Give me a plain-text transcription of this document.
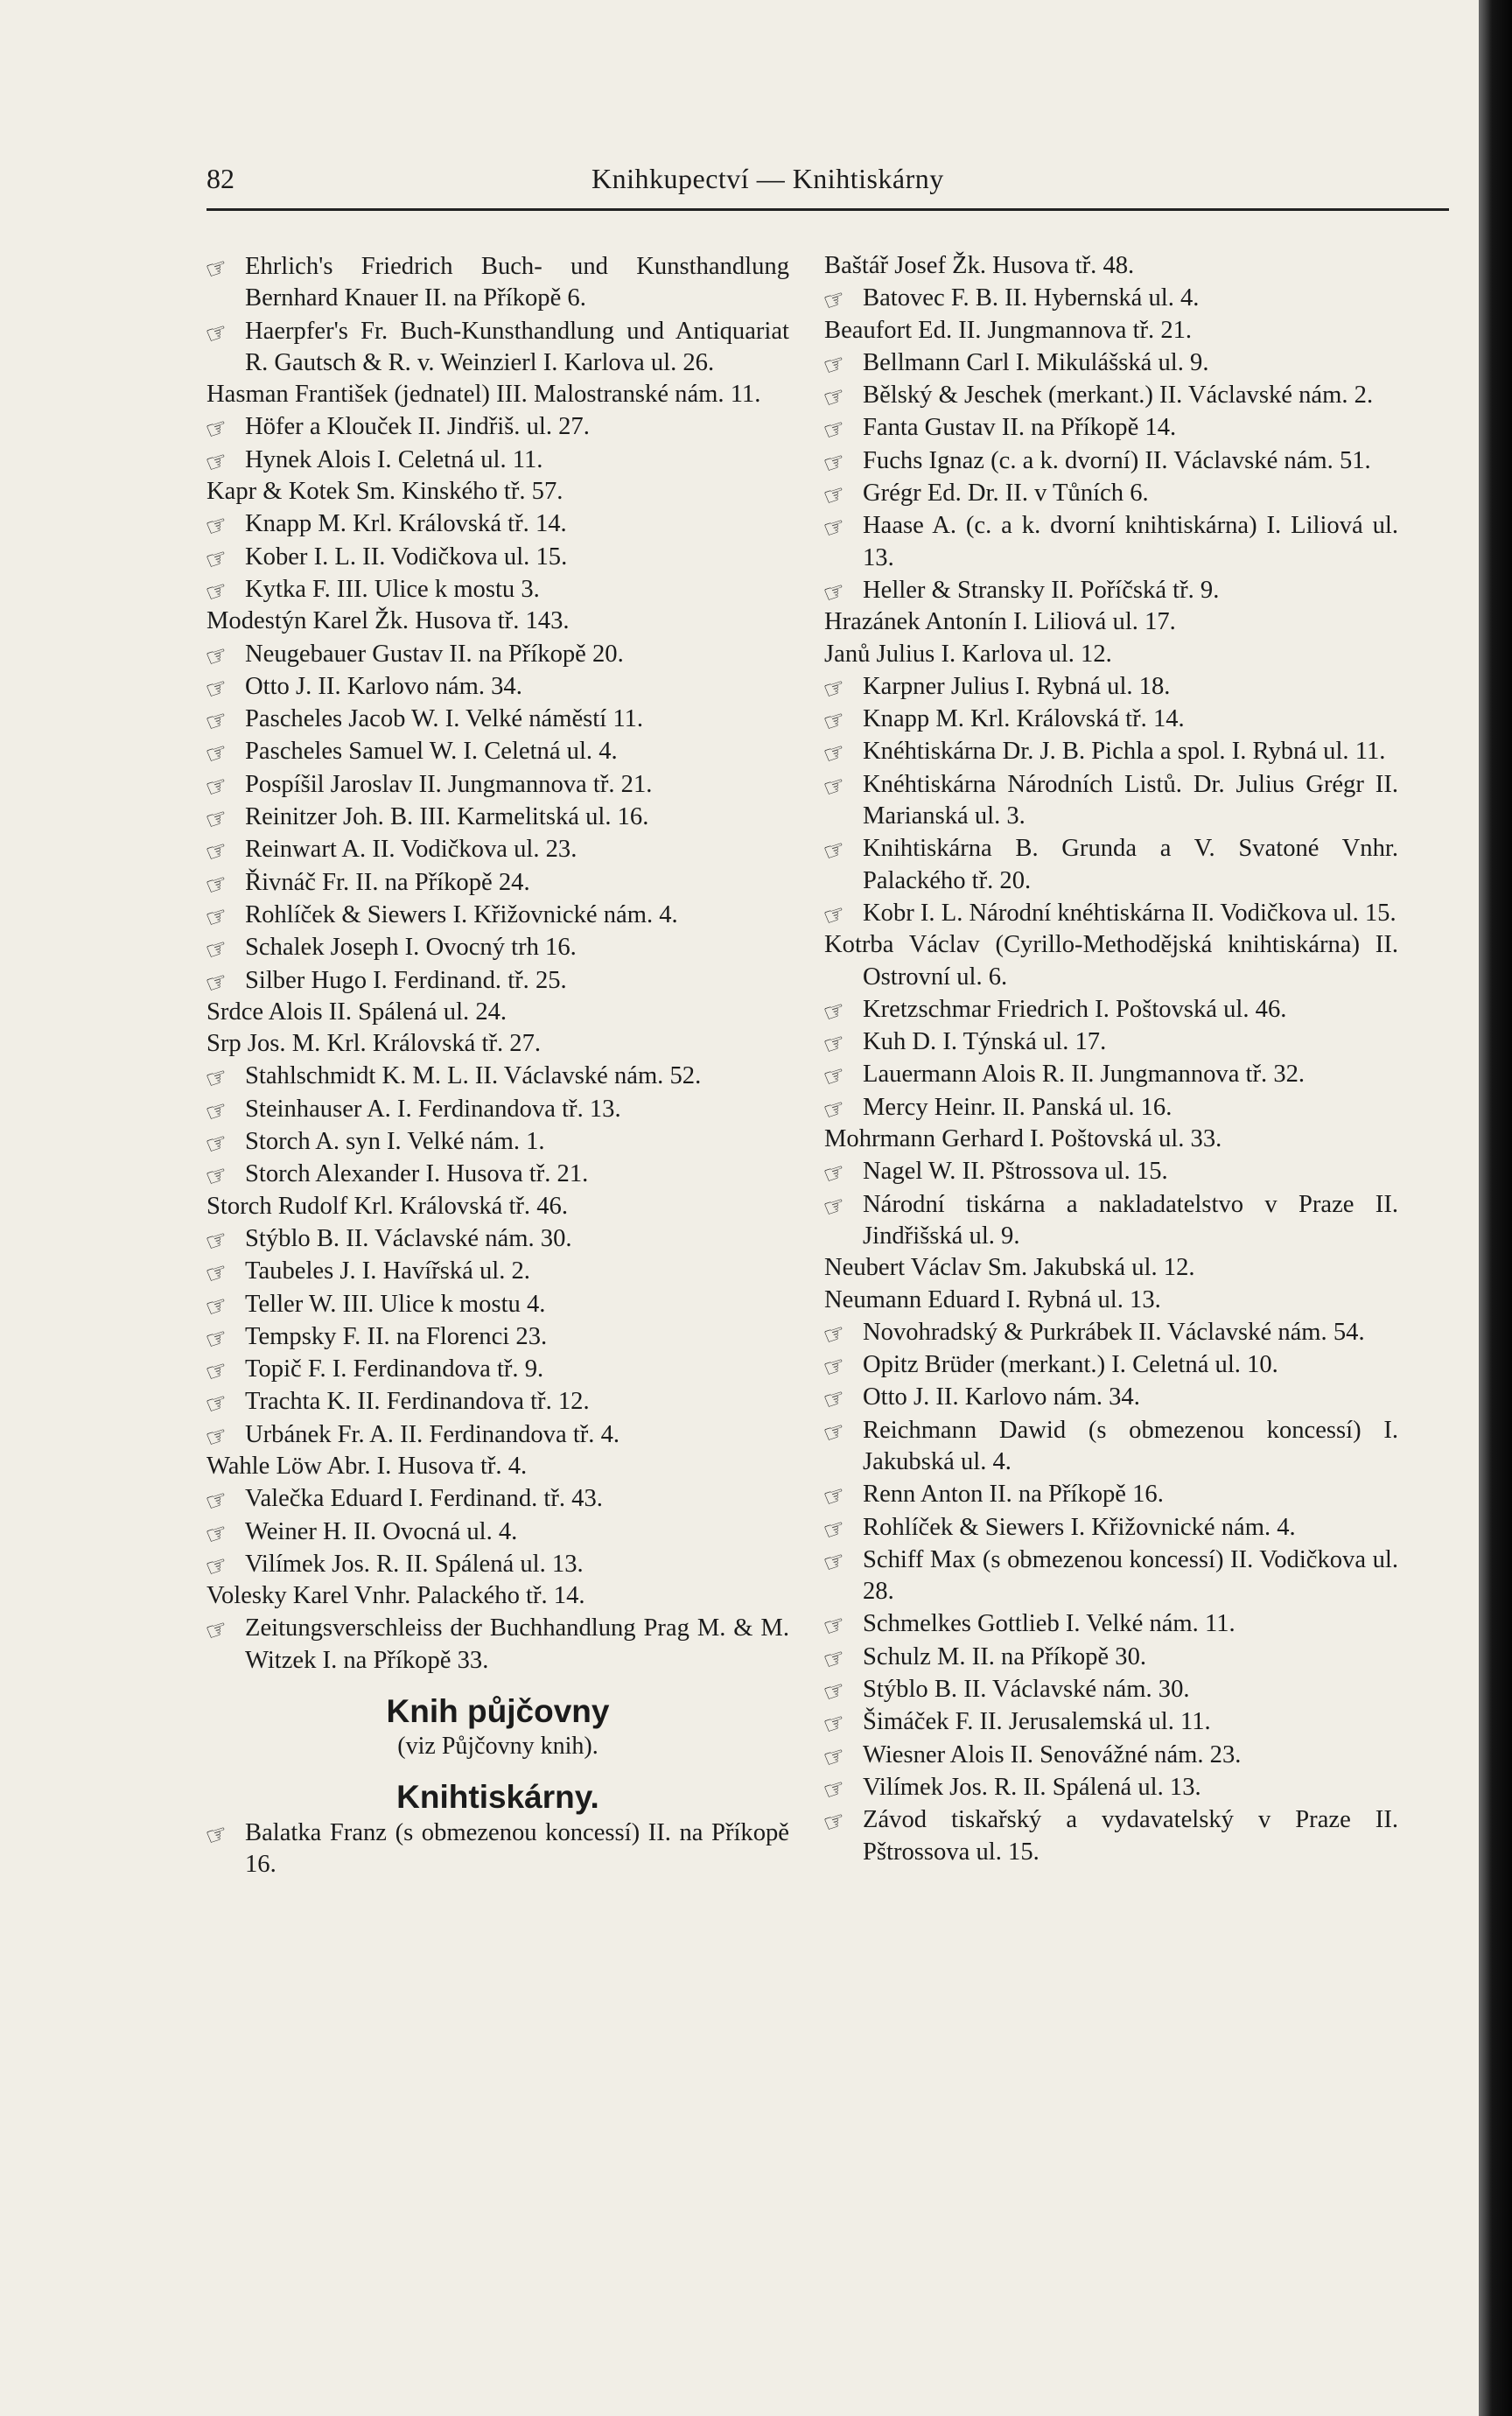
82	Knihkupectví — Knihtiskárny
☞ Ehrlich's Friedrich Buch- und Kunsthandlung Bernhard Knauer II. na Příkopě 6.
☞ Haerpfer's Fr. Buch-Kunsthandlung und Antiquariat R. Gautsch & R. v. Weinzierl I. Karlova ul. 26.
Hasman František (jednatel) III. Malostranské nám. 11.
☞ Höfer a Klouček II. Jindřiš. ul. 27.
☞ Hynek Alois I. Celetná ul. 11.
Kapr & Kotek Sm. Kinského tř. 57.
☞ Knapp M. Krl. Královská tř. 14.
☞ Kober I. L. II. Vodičkova ul. 15.
☞ Kytka F. III. Ulice k mostu 3.
Modestýn Karel Žk. Husova tř. 143.
☞ Neugebauer Gustav II. na Příkopě 20.
☞ Otto J. II. Karlovo nám. 34.
☞ Pascheles Jacob W. I. Velké náměstí 11.
☞ Pascheles Samuel W. I. Celetná ul. 4.
☞ Pospíšil Jaroslav II. Jungmannova tř. 21.
☞ Reinitzer Joh. B. III. Karmelitská ul. 16.
☞ Reinwart A. II. Vodičkova ul. 23.
☞ Řivnáč Fr. II. na Příkopě 24.
☞ Rohlíček & Siewers I. Křižovnické nám. 4.
☞ Schalek Joseph I. Ovocný trh 16.
☞ Silber Hugo I. Ferdinand. tř. 25.
Srdce Alois II. Spálená ul. 24.
Srp Jos. M. Krl. Královská tř. 27.
☞ Stahlschmidt K. M. L. II. Václavské nám. 52.
☞ Steinhauser A. I. Ferdinandova tř. 13.
☞ Storch A. syn I. Velké nám. 1.
☞ Storch Alexander I. Husova tř. 21.
Storch Rudolf Krl. Královská tř. 46.
☞ Stýblo B. II. Václavské nám. 30.
☞ Taubeles J. I. Havířská ul. 2.
☞ Teller W. III. Ulice k mostu 4.
☞ Tempsky F. II. na Florenci 23.
☞ Topič F. I. Ferdinandova tř. 9.
☞ Trachta K. II. Ferdinandova tř. 12.
☞ Urbánek Fr. A. II. Ferdinandova tř. 4.
Wahle Löw Abr. I. Husova tř. 4.
☞ Valečka Eduard I. Ferdinand. tř. 43.
☞ Weiner H. II. Ovocná ul. 4.
☞ Vilímek Jos. R. II. Spálená ul. 13.
Volesky Karel Vnhr. Palackého tř. 14.
☞ Zeitungsverschleiss der Buchhandlung Prag M. & M. Witzek I. na Příkopě 33.
Knih půjčovny
(viz Půjčovny knih).
Knihtiskárny.
☞ Balatka Franz (s obmezenou koncessí) II. na Příkopě 16.
Baštář Josef Žk. Husova tř. 48.
☞ Batovec F. B. II. Hybernská ul. 4.
Beaufort Ed. II. Jungmannova tř. 21.
☞ Bellmann Carl I. Mikulášská ul. 9.
☞ Bělský & Jeschek (merkant.) II. Václavské nám. 2.
☞ Fanta Gustav II. na Příkopě 14.
☞ Fuchs Ignaz (c. a k. dvorní) II. Václavské nám. 51.
☞ Grégr Ed. Dr. II. v Tůních 6.
☞ Haase A. (c. a k. dvorní knihtiskárna) I. Liliová ul. 13.
☞ Heller & Stransky II. Poříčská tř. 9.
Hrazánek Antonín I. Liliová ul. 17.
Janů Julius I. Karlova ul. 12.
☞ Karpner Julius I. Rybná ul. 18.
☞ Knapp M. Krl. Královská tř. 14.
☞ Knéhtiskárna Dr. J. B. Pichla a spol. I. Rybná ul. 11.
☞ Knéhtiskárna Národních Listů. Dr. Julius Grégr II. Marianská ul. 3.
☞ Knihtiskárna B. Grunda a V. Svatoné Vnhr. Palackého tř. 20.
☞ Kobr I. L. Národní knéhtiskárna II. Vodičkova ul. 15.
Kotrba Václav (Cyrillo-Methodějská knihtiskárna) II. Ostrovní ul. 6.
☞ Kretzschmar Friedrich I. Poštovská ul. 46.
☞ Kuh D. I. Týnská ul. 17.
☞ Lauermann Alois R. II. Jungmannova tř. 32.
☞ Mercy Heinr. II. Panská ul. 16.
Mohrmann Gerhard I. Poštovská ul. 33.
☞ Nagel W. II. Pštrossova ul. 15.
☞ Národní tiskárna a nakladatelstvo v Praze II. Jindřišská ul. 9.
Neubert Václav Sm. Jakubská ul. 12.
Neumann Eduard I. Rybná ul. 13.
☞ Novohradský & Purkrábek II. Václavské nám. 54.
☞ Opitz Brüder (merkant.) I. Celetná ul. 10.
☞ Otto J. II. Karlovo nám. 34.
☞ Reichmann Dawid (s obmezenou koncessí) I. Jakubská ul. 4.
☞ Renn Anton II. na Příkopě 16.
☞ Rohlíček & Siewers I. Křižovnické nám. 4.
☞ Schiff Max (s obmezenou koncessí) II. Vodičkova ul. 28.
☞ Schmelkes Gottlieb I. Velké nám. 11.
☞ Schulz M. II. na Příkopě 30.
☞ Stýblo B. II. Václavské nám. 30.
☞ Šimáček F. II. Jerusalemská ul. 11.
☞ Wiesner Alois II. Senovážné nám. 23.
☞ Vilímek Jos. R. II. Spálená ul. 13.
☞ Závod tiskařský a vydavatelský v Praze II. Pštrossova ul. 15.
